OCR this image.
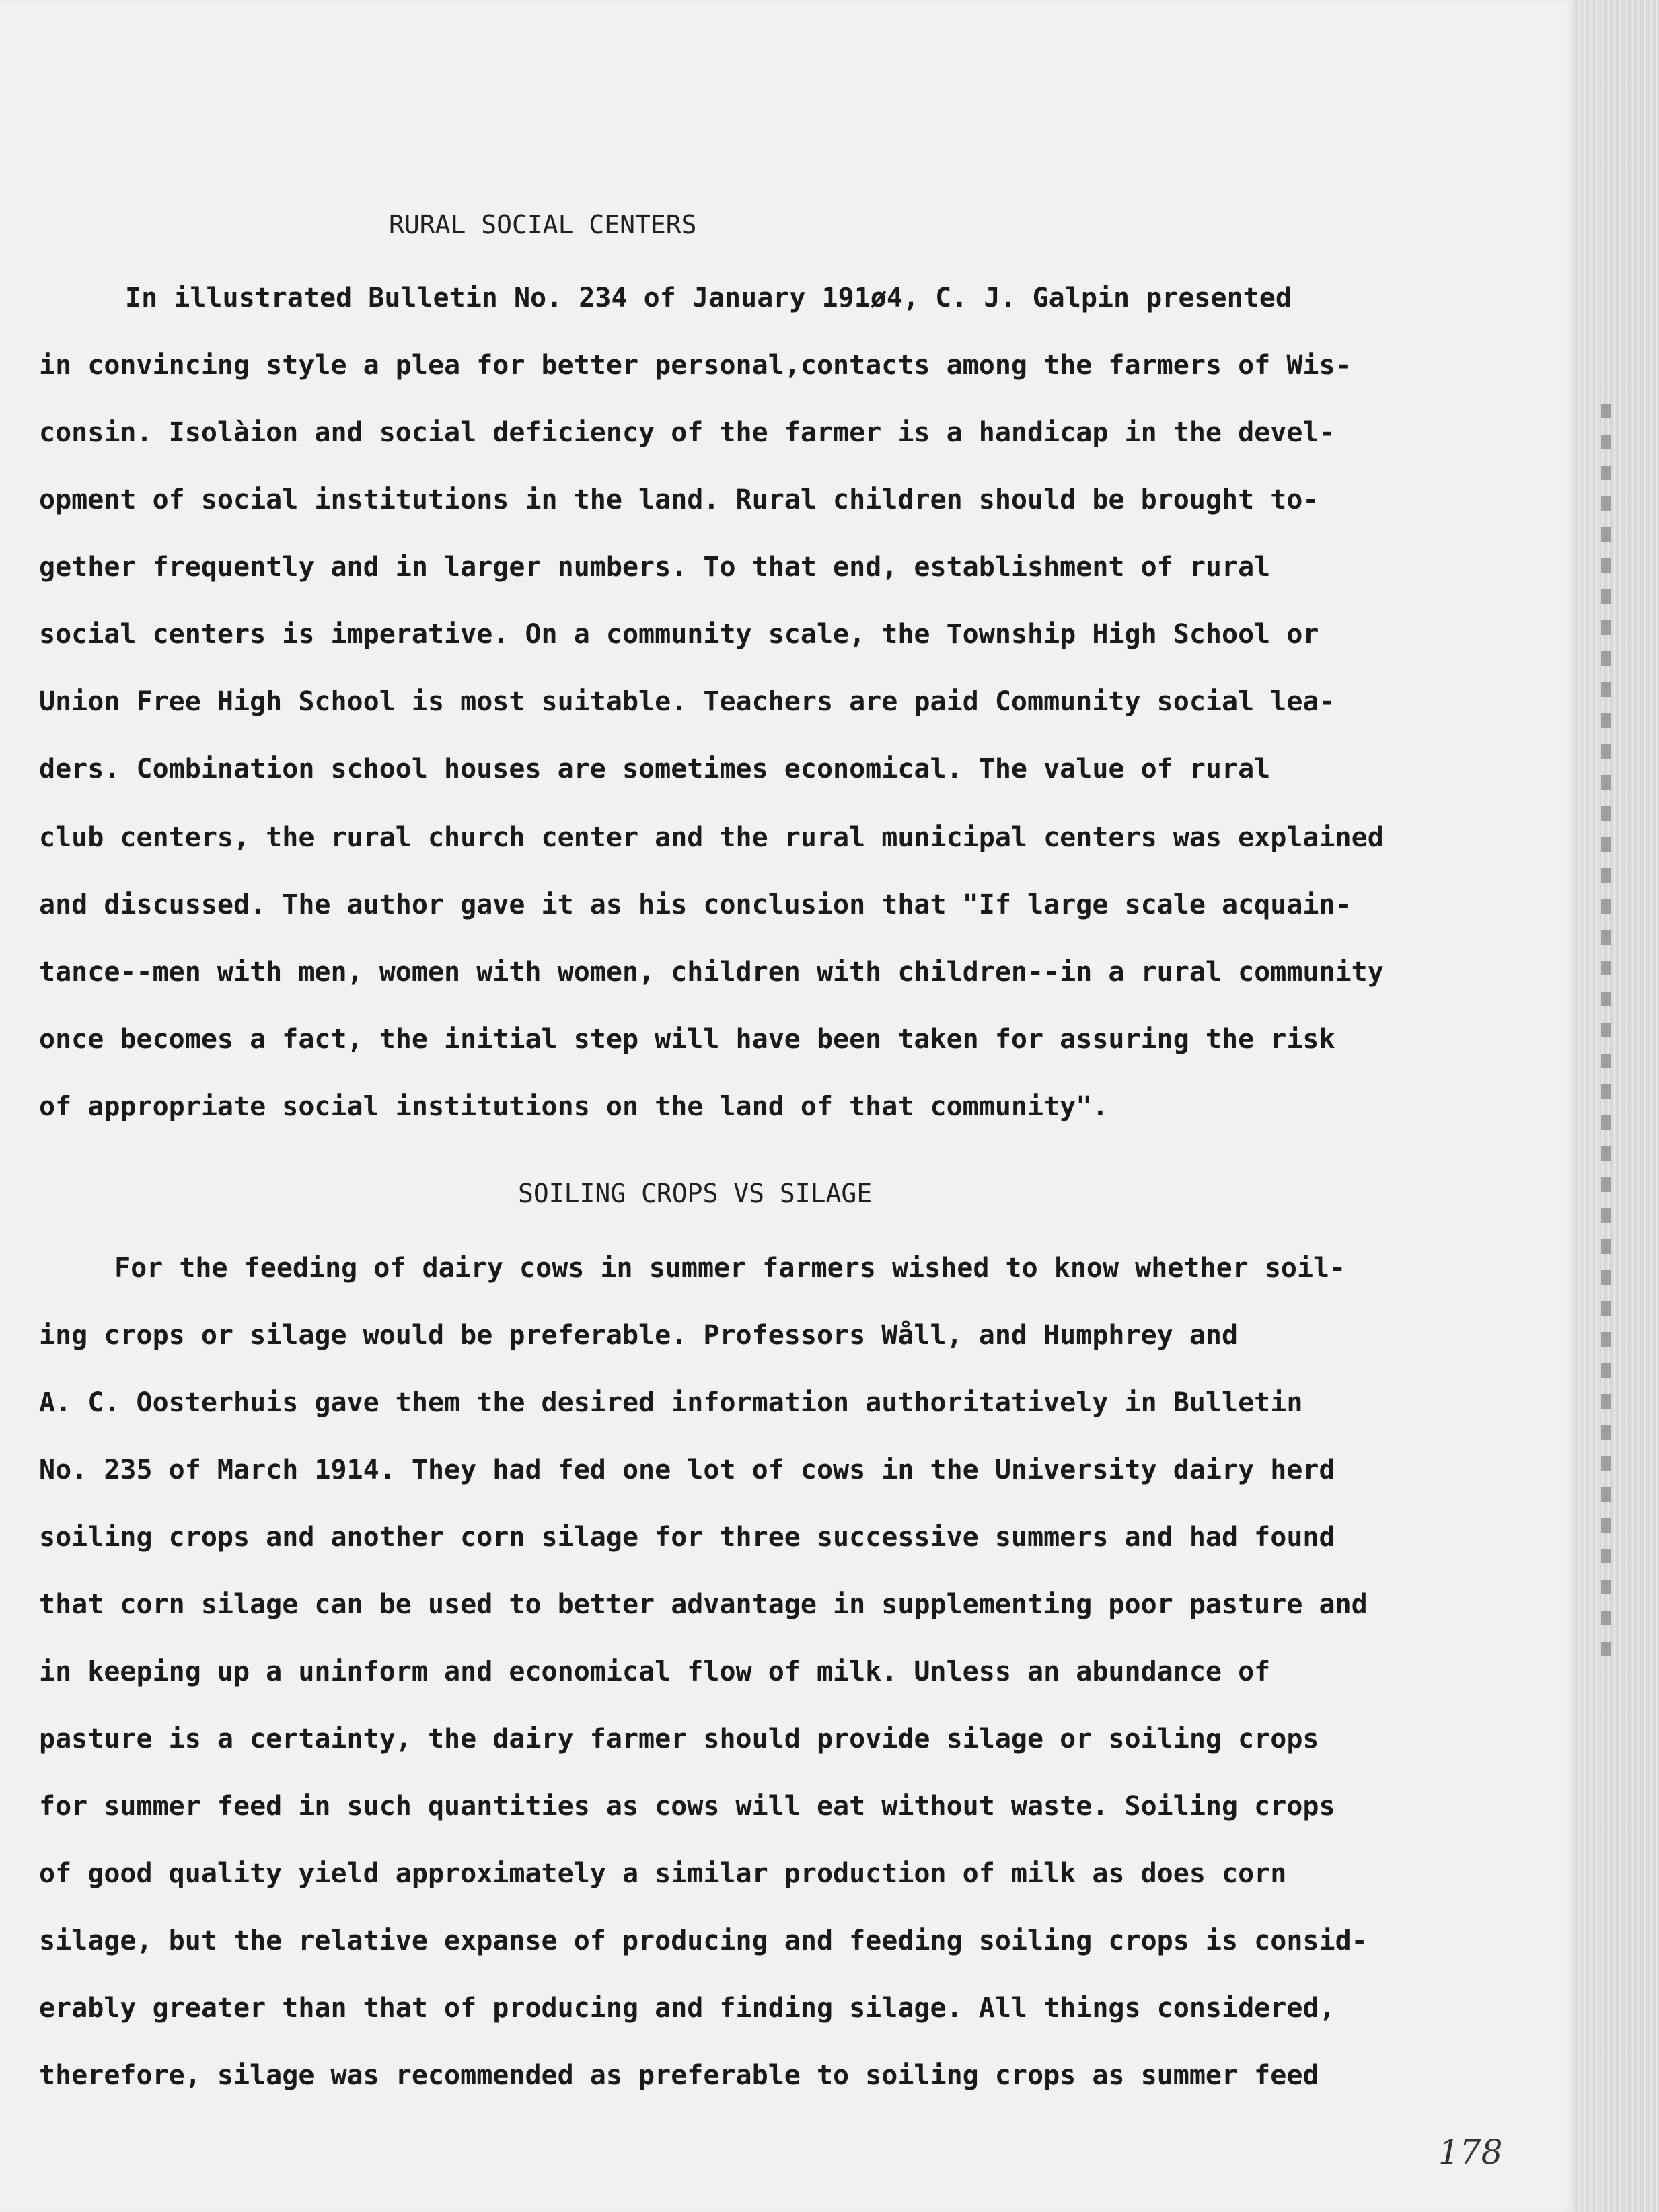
RURAL SOCIAL CENTERS

In illustrated Bulletin No. 234 of January 191ø4, C. J. Galpin presented

in convincing style a plea for better personal,contacts among the farmers of Wis-

consin. Isolàion and social deficiency of the farmer is a handicap in the devel-

opment of social institutions in the land. Rural children should be brought to-

gether frequently and in larger numbers. To that end, establishment of rural

social centers is imperative. On a community scale, the Township High School or

Union Free High School is most suitable. Teachers are paid Community social lea-

ders. Combination school houses are sometimes economical. The value of rural

club centers, the rural church center and the rural municipal centers was explained

and discussed. The author gave it as his conclusion that "If large scale acquain-

tance--men with men, women with women, children with children--in a rural community

once becomes a fact, the initial step will have been taken for assuring the risk

of appropriate social institutions on the land of that community".

SOILING CROPS VS SILAGE

For the feeding of dairy cows in summer farmers wished to know whether soil-

ing crops or silage would be preferable. Professors Wåll, and Humphrey and

A. C. Oosterhuis gave them the desired information authoritatively in Bulletin

No. 235 of March 1914. They had fed one lot of cows in the University dairy herd

soiling crops and another corn silage for three successive summers and had found

that corn silage can be used to better advantage in supplementing poor pasture and

in keeping up a uninform and economical flow of milk. Unless an abundance of

pasture is a certainty, the dairy farmer should provide silage or soiling crops

for summer feed in such quantities as cows will eat without waste. Soiling crops

of good quality yield approximately a similar production of milk as does corn

silage, but the relative expanse of producing and feeding soiling crops is consid-

erably greater than that of producing and finding silage. All things considered,

therefore, silage was recommended as preferable to soiling crops as summer feed

178
